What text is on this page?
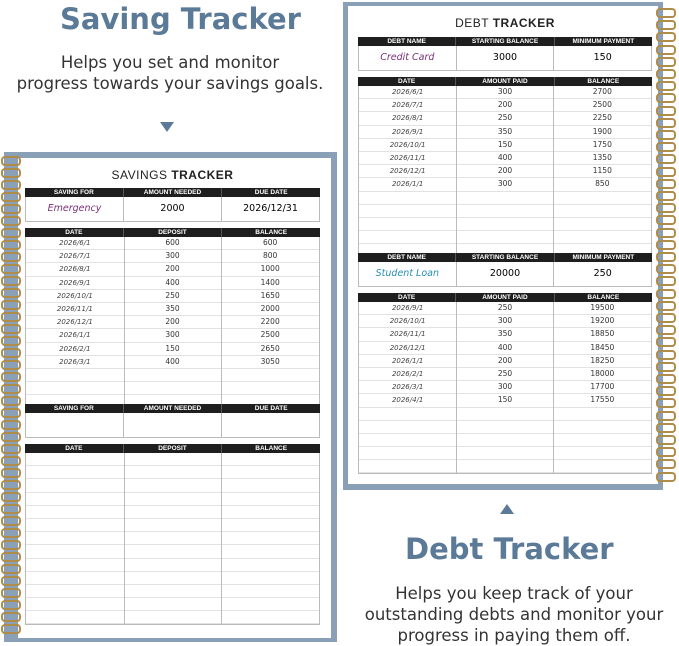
Saving Tracker
Helps you set and monitor
progress towards your savings goals.
SAVINGS TRACKER
SAVING FOR	AMOUNT NEEDED	DUE DATE
Emergency	2000	2026/12/31
DATE	DEPOSIT	BALANCE
2026/6/1	600	600
2026/7/1	300	800
2026/8/1	200	1000
2026/9/1	400	1400
2026/10/1	250	1650
2026/11/1	350	2000
2026/12/1	200	2200
2026/1/1	300	2500
2026/2/1	150	2650
2026/3/1	400	3050
SAVING FOR	AMOUNT NEEDED	DUE DATE
DATE	DEPOSIT	BALANCE
DEBT TRACKER
DEBT NAME	STARTING BALANCE	MINIMUM PAYMENT
Credit Card	3000	150
DATE	AMOUNT PAID	BALANCE
2026/6/1	300	2700
2026/7/1	200	2500
2026/8/1	250	2250
2026/9/1	350	1900
2026/10/1	150	1750
2026/11/1	400	1350
2026/12/1	200	1150
2026/1/1	300	850
DEBT NAME	STARTING BALANCE	MINIMUM PAYMENT
Student Loan	20000	250
DATE	AMOUNT PAID	BALANCE
2026/9/1	250	19500
2026/10/1	300	19200
2026/11/1	350	18850
2026/12/1	400	18450
2026/1/1	200	18250
2026/2/1	250	18000
2026/3/1	300	17700
2026/4/1	150	17550
Debt Tracker
Helps you keep track of your
outstanding debts and monitor your
progress in paying them off.
